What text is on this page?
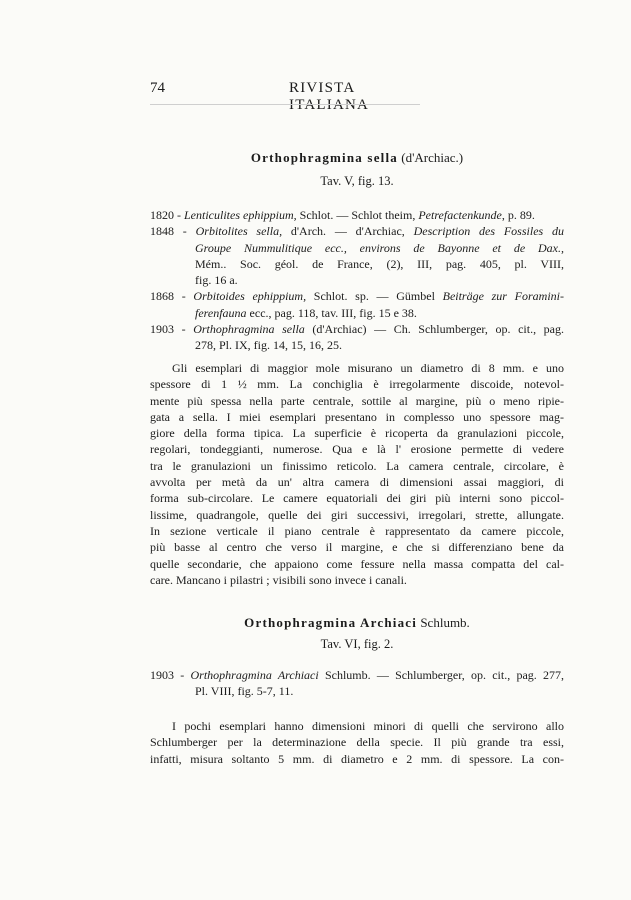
74	RIVISTA ITALIANA
Orthophragmina sella (d'Archiac.)
Tav. V, fig. 13.
1820 - Lenticulites ephippium, Schlot. — Schlot theim, Petrefactenkunde, p. 89.
1848 - Orbitolites sella, d'Arch. — d'Archiac, Description des Fossiles du
Groupe Nummulitique ecc., environs de Bayonne et de Dax.,
Mém.. Soc. géol. de France, (2), III, pag. 405, pl. VIII,
fig. 16 a.
1868 - Orbitoides ephippium, Schlot. sp. — Gümbel Beiträge zur Foramini-
ferenfauna ecc., pag. 118, tav. III, fig. 15 e 38.
1903 - Orthophragmina sella (d'Archiac) — Ch. Schlumberger, op. cit., pag.
278, Pl. IX, fig. 14, 15, 16, 25.
Gli esemplari di maggior mole misurano un diametro di 8 mm. e uno
spessore di 1 ½ mm. La conchiglia è irregolarmente discoide, notevol-
mente più spessa nella parte centrale, sottile al margine, più o meno ripie-
gata a sella. I miei esemplari presentano in complesso uno spessore mag-
giore della forma tipica. La superficie è ricoperta da granulazioni piccole,
regolari, tondeggianti, numerose. Qua e là l' erosione permette di vedere
tra le granulazioni un finissimo reticolo. La camera centrale, circolare, è
avvolta per metà da un' altra camera di dimensioni assai maggiori, di
forma sub-circolare. Le camere equatoriali dei giri più interni sono piccol-
lissime, quadrangole, quelle dei giri successivi, irregolari, strette, allungate.
In sezione verticale il piano centrale è rappresentato da camere piccole,
più basse al centro che verso il margine, e che si differenziano bene da
quelle secondarie, che appaiono come fessure nella massa compatta del cal-
care. Mancano i pilastri ; visibili sono invece i canali.
Orthophragmina Archiaci Schlumb.
Tav. VI, fig. 2.
1903 - Orthophragmina Archiaci Schlumb. — Schlumberger, op. cit., pag. 277,
Pl. VIII, fig. 5-7, 11.
I pochi esemplari hanno dimensioni minori di quelli che servirono allo
Schlumberger per la determinazione della specie. Il più grande tra essi,
infatti, misura soltanto 5 mm. di diametro e 2 mm. di spessore. La con-
